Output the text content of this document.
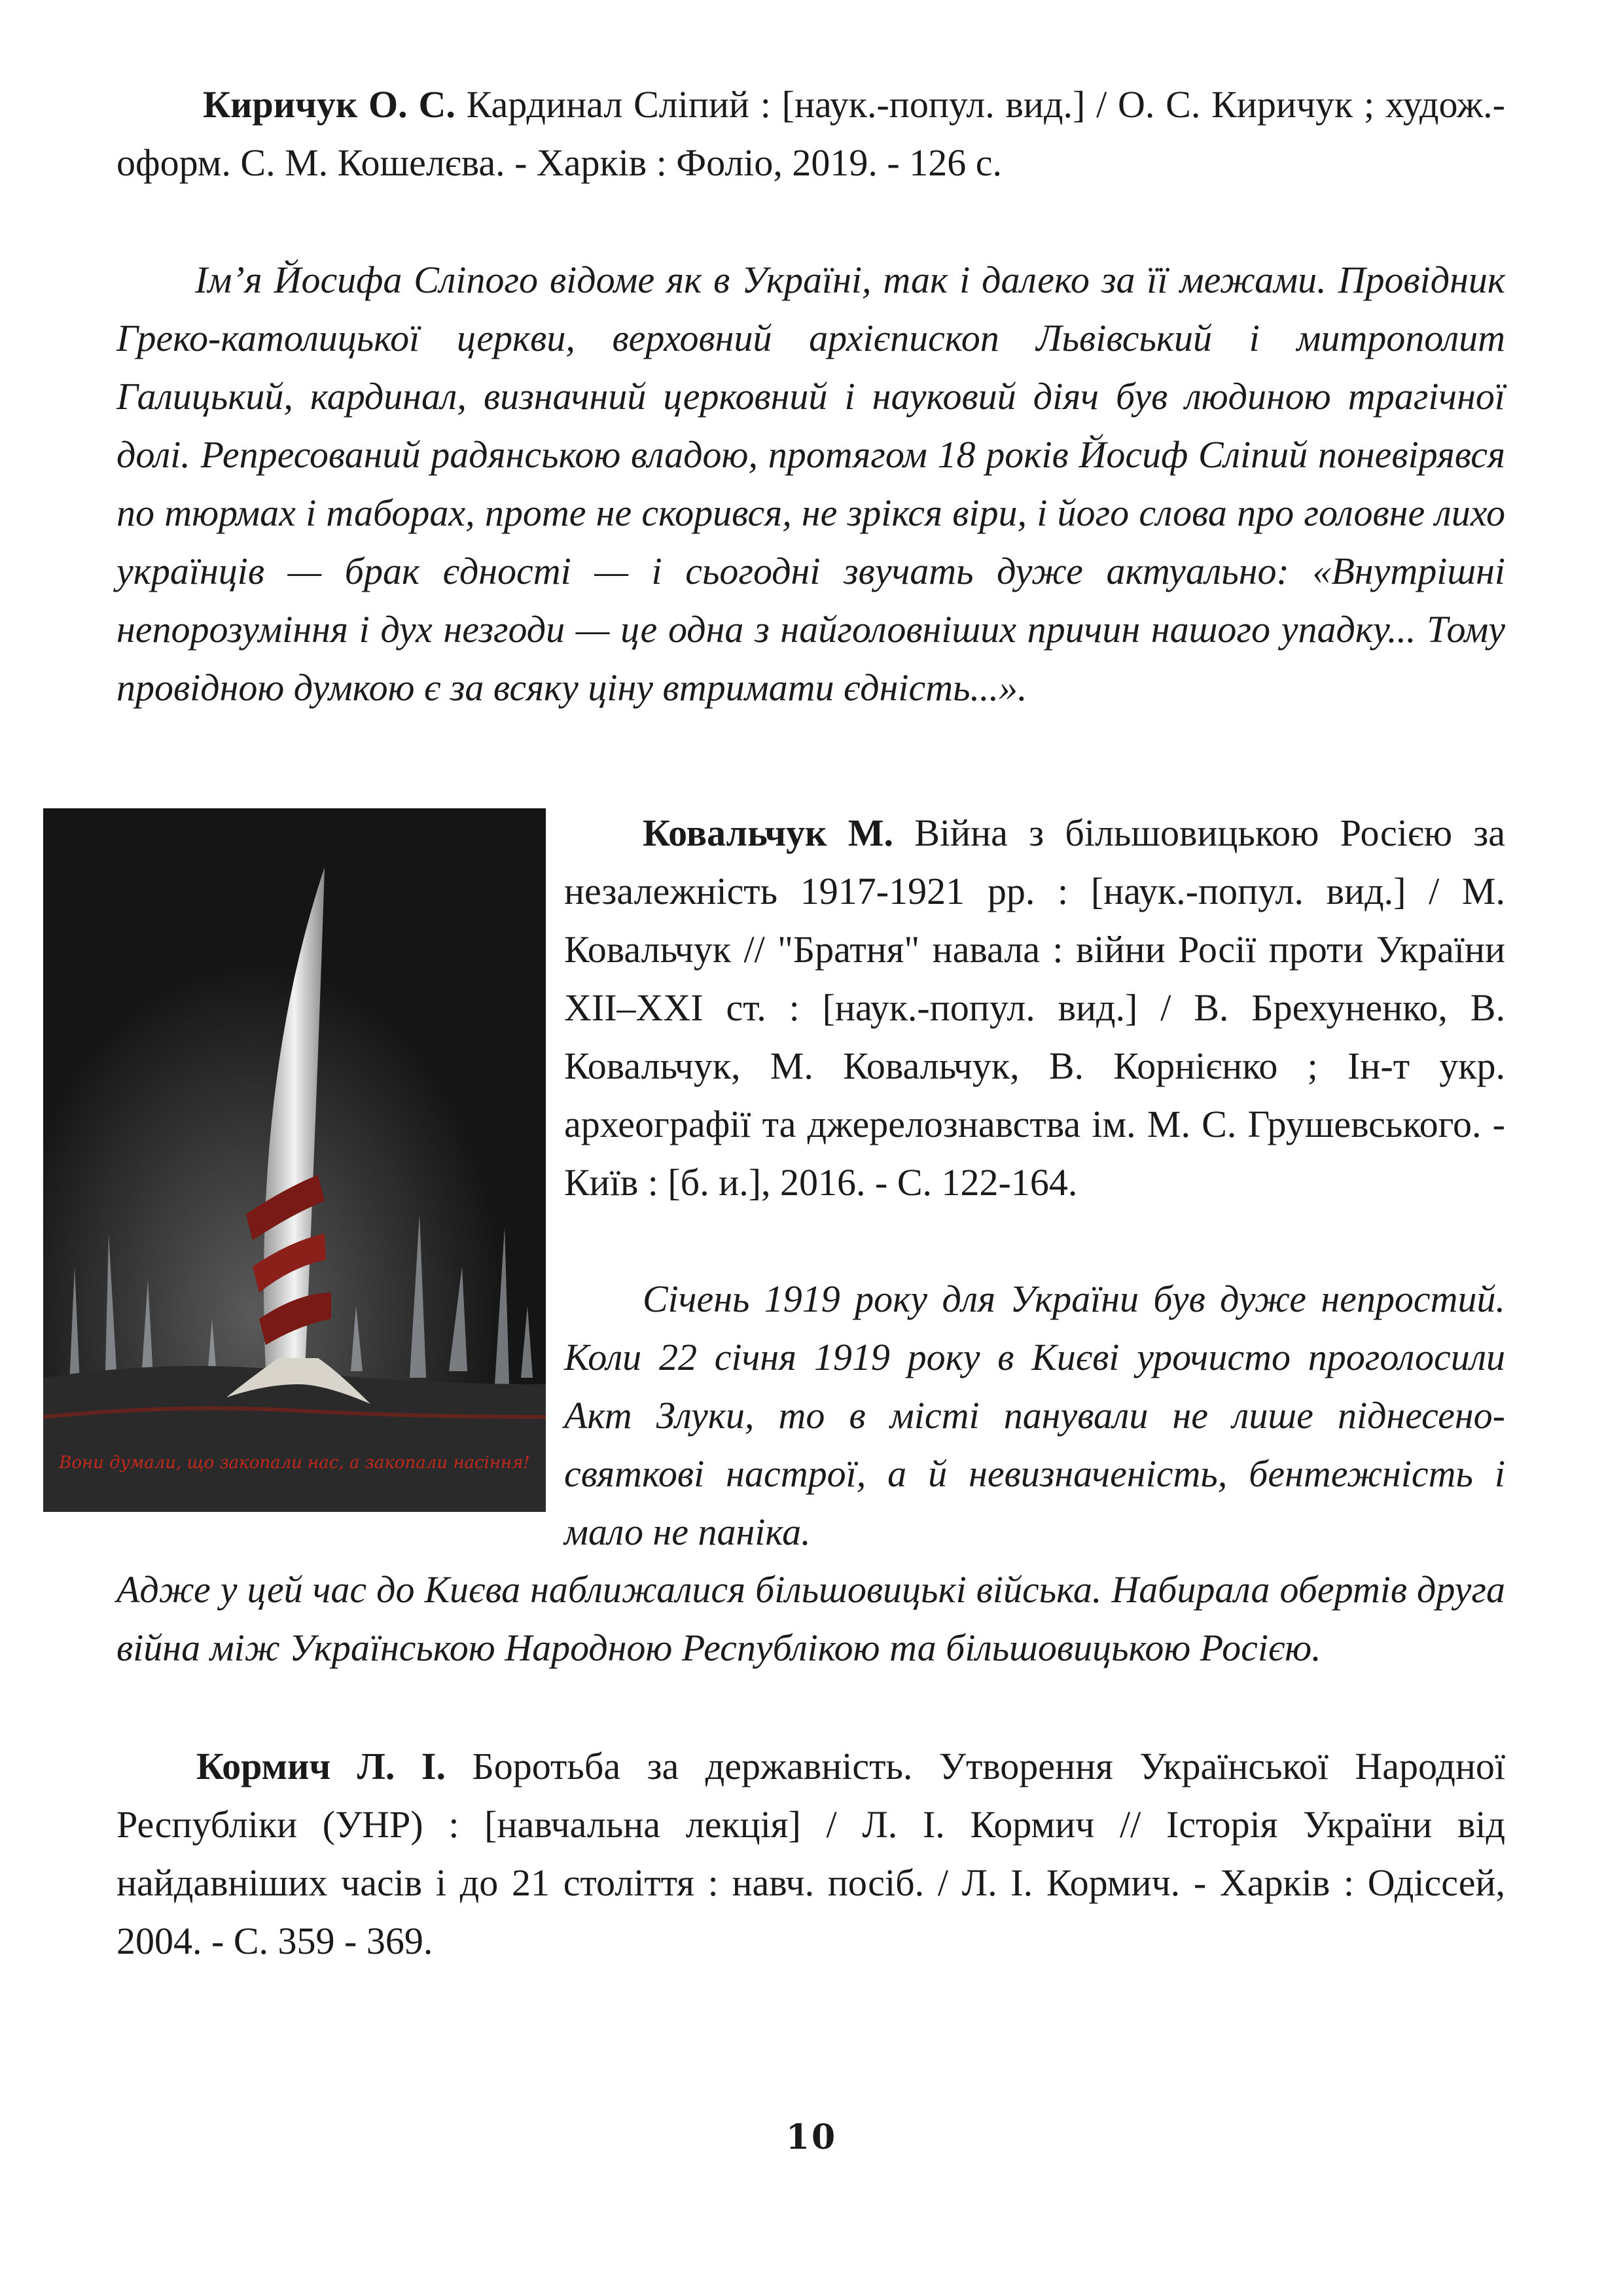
Киричук О. С. Кардинал Сліпий : [наук.-попул. вид.] / О. С. Киричук ; худож.-оформ. С. М. Кошелєва. - Харків : Фоліо, 2019. - 126 с.

Ім’я Йосифа Сліпого відоме як в Україні, так і далеко за її межами. Провідник Греко-католицької церкви, верховний архієпископ Львівський і митрополит Галицький, кардинал, визначний церковний і науковий діяч був людиною трагічної долі. Репресований радянською владою, протягом 18 років Йосиф Сліпий поневірявся по тюрмах і таборах, проте не скорився, не зрікся віри, і його слова про головне лихо українців — брак єдності — і сьогодні звучать дуже актуально: «Внутрішні непорозуміння і дух незгоди — це одна з найголовніших причин нашого упадку... Тому провідною думкою є за всяку ціну втримати єдність...».

Вони думали, що закопали нас, а закопали насіння!

Ковальчук М. Війна з більшовицькою Росією за незалежність 1917-1921 рр. : [наук.-попул. вид.] / М. Ковальчук // "Братня" навала : війни Росії проти України XII–XXI ст. : [наук.-попул. вид.] / В. Брехуненко, В. Ковальчук, М. Ковальчук, В. Корнієнко ; Ін-т укр. археографії та джерелознавства ім. М. С. Грушевського. - Київ : [б. и.], 2016. - С. 122-164.

Січень 1919 року для України був дуже непростий. Коли 22 січня 1919 року в Києві урочисто проголосили Акт Злуки, то в місті панували не лише піднесено-святкові настрої, а й невизначеність, бентежність і мало не паніка.

Адже у цей час до Києва наближалися більшовицькі війська. Набирала обертів друга війна між Українською Народною Республікою та більшовицькою Росією.

Кормич Л. І. Боротьба за державність. Утворення Української Народної Республіки (УНР) : [навчальна лекція] / Л. І. Кормич // Історія України від найдавніших часів і до 21 століття : навч. посіб. / Л. І. Кормич. - Харків : Одіссей, 2004. - С. 359 - 369.

10
